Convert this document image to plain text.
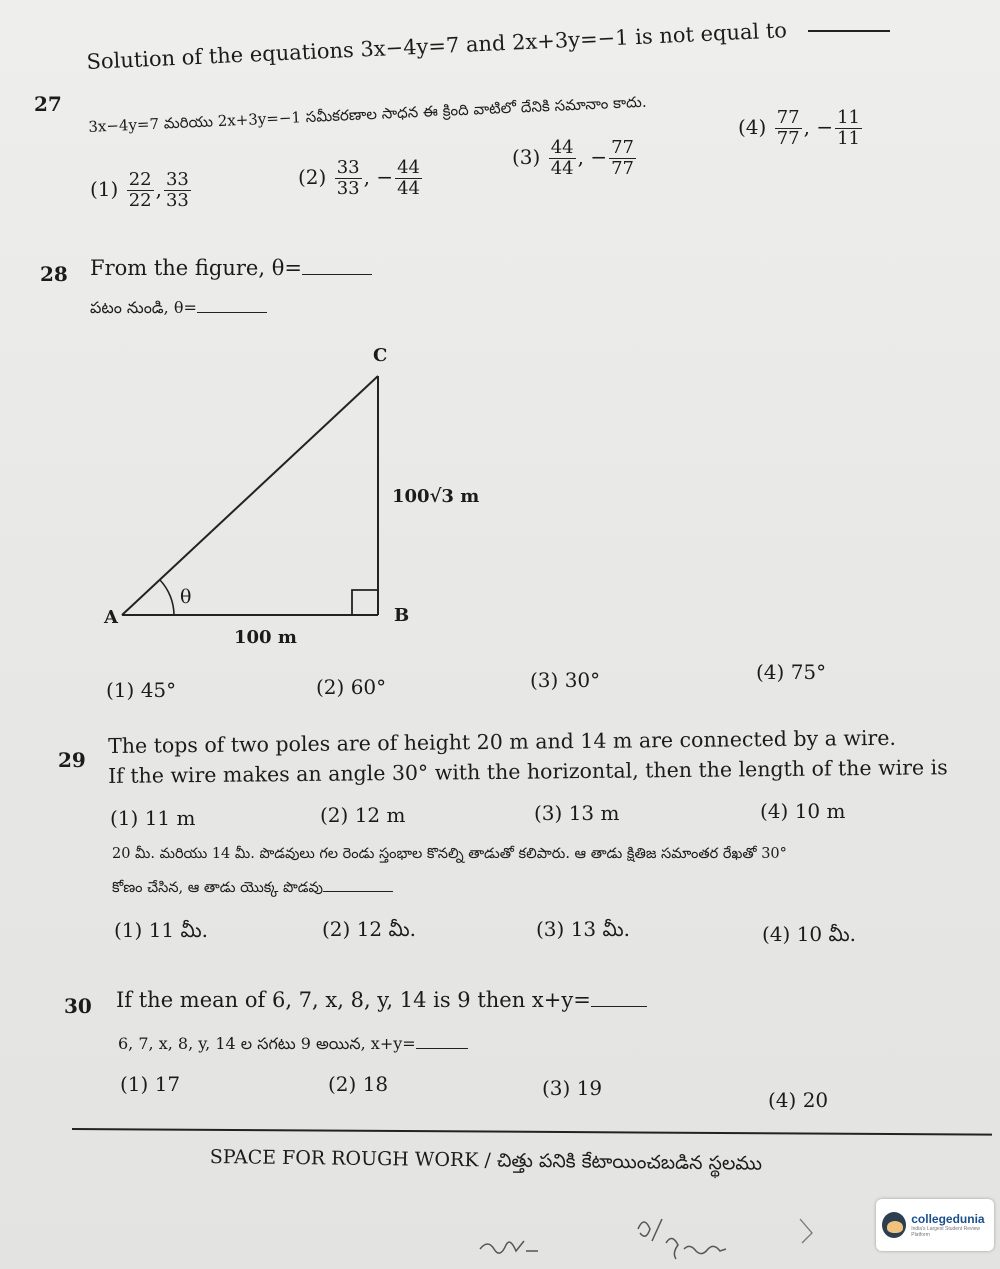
27
Solution of the equations 3x−4y=7 and 2x+3y=−1 is not equal to
3x−4y=7 మరియు 2x+3y=−1 సమీకరణాల సాధన ఈ క్రింది వాటిలో దేనికి సమానాం కాదు.
$(1) \frac{22}{22}$ , $\frac{33}{33}$	$(2) \frac{33}{33}$ , − $\frac{44}{44}$
$(3) \frac{44}{44}$ , − $\frac{77}{77}$
$(4) \frac{77}{77}$ , − $\frac{11}{11}$
28 From the figure, θ=
పటం నుండి, θ=
C
A	B
θ
100√3 m
100 m
(1) 45°	(2) 60°	(3) 30°	(4) 75°
29
The tops of two poles are of height 20 m and 14 m are connected by a wire.
If the wire makes an angle 30° with the horizontal, then the length of the wire is
(1) 11 m	(2) 12 m	(3) 13 m	(4) 10 m
20 మీ. మరియు 14 మీ. పొడవులు గల రెండు స్తంభాల కొనల్ని తాడుతో కలిపారు. ఆ తాడు క్షితిజ సమాంతర రేఖతో 30°
కోణం చేసిన, ఆ తాడు యొక్క పొడవు
(1) 11 మీ.	(2) 12 మీ.	(3) 13 మీ.	(4) 10 మీ.
30 If the mean of 6, 7, x, 8, y, 14 is 9 then x+y=
6, 7, x, 8, y, 14 ల సగటు 9 అయిన, x+y=
(1) 17	(2) 18	(3) 19	(4) 20
SPACE FOR ROUGH WORK / చిత్తు పనికి కేటాయించబడిన స్థలము
collegedunia
India's Largest Student Review Platform
